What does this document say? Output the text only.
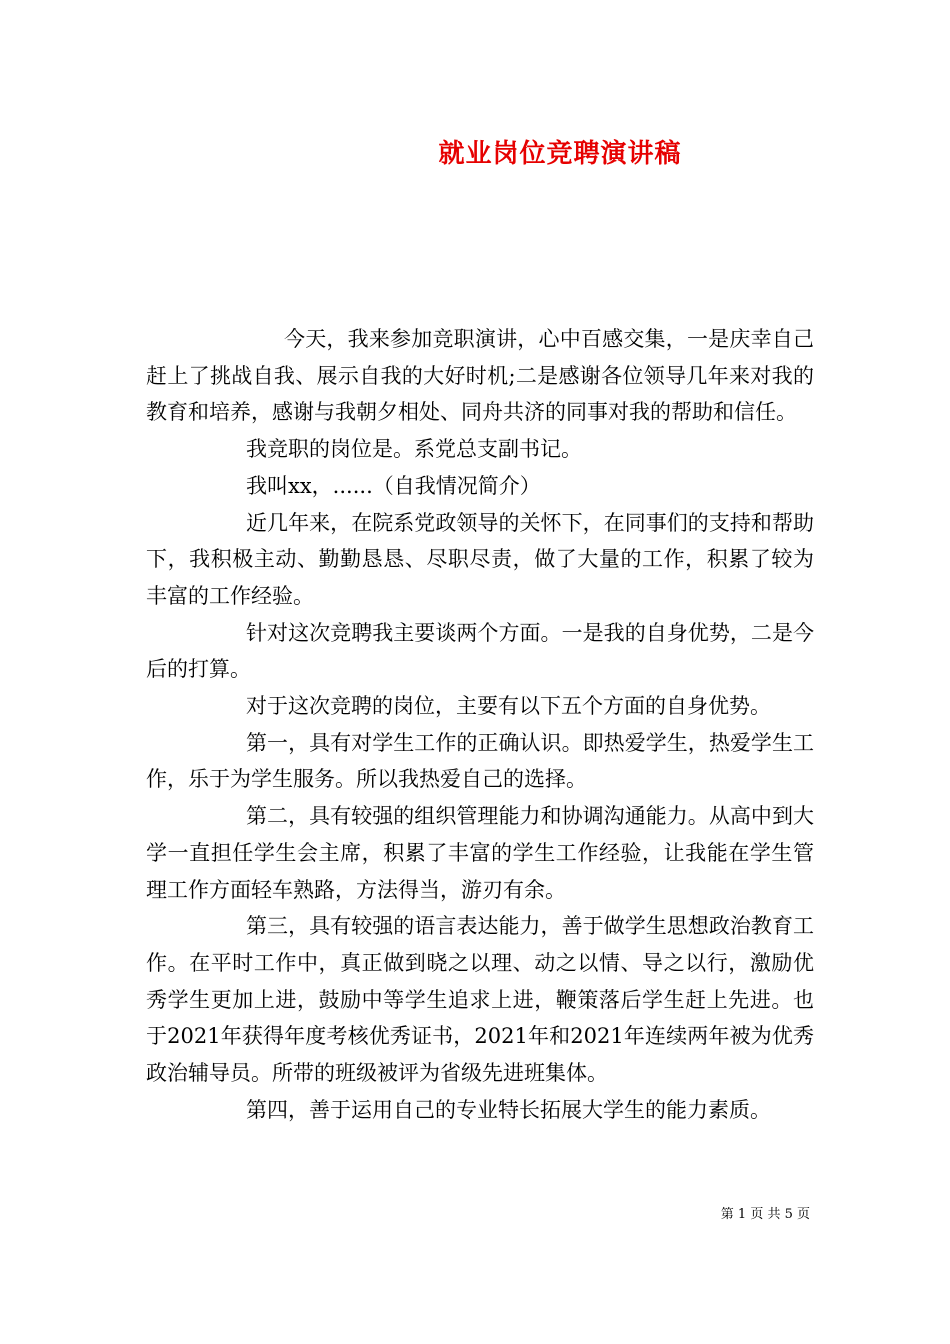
就业岗位竞聘演讲稿

今天，我来参加竞职演讲，心中百感交集，一是庆幸自己赶上了挑战自我、展示自我的大好时机;二是感谢各位领导几年来对我的教育和培养，感谢与我朝夕相处、同舟共济的同事对我的帮助和信任。

我竞职的岗位是。系党总支副书记。

我叫xx，......（自我情况简介）

近几年来，在院系党政领导的关怀下，在同事们的支持和帮助下，我积极主动、勤勤恳恳、尽职尽责，做了大量的工作，积累了较为丰富的工作经验。

针对这次竞聘我主要谈两个方面。一是我的自身优势，二是今后的打算。

对于这次竞聘的岗位，主要有以下五个方面的自身优势。

第一，具有对学生工作的正确认识。即热爱学生，热爱学生工作，乐于为学生服务。所以我热爱自己的选择。

第二，具有较强的组织管理能力和协调沟通能力。从高中到大学一直担任学生会主席，积累了丰富的学生工作经验，让我能在学生管理工作方面轻车熟路，方法得当，游刃有余。

第三，具有较强的语言表达能力，善于做学生思想政治教育工作。在平时工作中，真正做到晓之以理、动之以情、导之以行，激励优秀学生更加上进，鼓励中等学生追求上进，鞭策落后学生赶上先进。也于2021年获得年度考核优秀证书，2021年和2021年连续两年被为优秀政治辅导员。所带的班级被评为省级先进班集体。

第四，善于运用自己的专业特长拓展大学生的能力素质。

第 1 页 共 5 页
